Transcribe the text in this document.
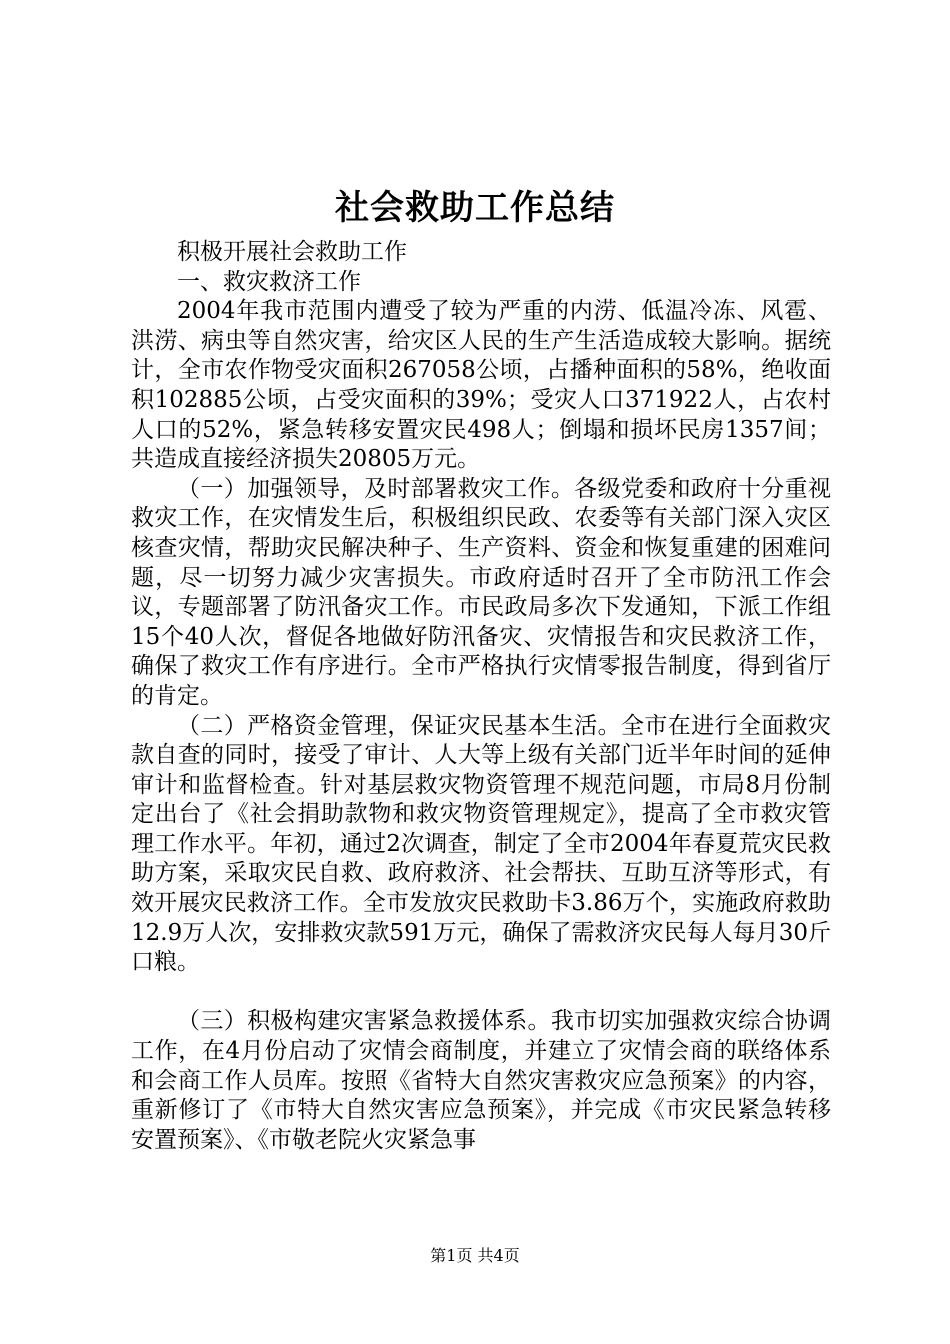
社会救助工作总结

积极开展社会救助工作

一、救灾救济工作

2004年我市范围内遭受了较为严重的内涝、低温冷冻、风雹、洪涝、病虫等自然灾害，给灾区人民的生产生活造成较大影响。据统计，全市农作物受灾面积267058公顷，占播种面积的58%，绝收面积102885公顷，占受灾面积的39%；受灾人口371922人，占农村人口的52%，紧急转移安置灾民498人；倒塌和损坏民房1357间；共造成直接经济损失20805万元。

（一）加强领导，及时部署救灾工作。各级党委和政府十分重视救灾工作，在灾情发生后，积极组织民政、农委等有关部门深入灾区核查灾情，帮助灾民解决种子、生产资料、资金和恢复重建的困难问题，尽一切努力减少灾害损失。市政府适时召开了全市防汛工作会议，专题部署了防汛备灾工作。市民政局多次下发通知，下派工作组15个40人次，督促各地做好防汛备灾、灾情报告和灾民救济工作，确保了救灾工作有序进行。全市严格执行灾情零报告制度，得到省厅的肯定。

（二）严格资金管理，保证灾民基本生活。全市在进行全面救灾款自查的同时，接受了审计、人大等上级有关部门近半年时间的延伸审计和监督检查。针对基层救灾物资管理不规范问题，市局8月份制定出台了《社会捐助款物和救灾物资管理规定》，提高了全市救灾管理工作水平。年初，通过2次调查，制定了全市2004年春夏荒灾民救助方案，采取灾民自救、政府救济、社会帮扶、互助互济等形式，有效开展灾民救济工作。全市发放灾民救助卡3.86万个，实施政府救助12.9万人次，安排救灾款591万元，确保了需救济灾民每人每月30斤口粮。

（三）积极构建灾害紧急救援体系。我市切实加强救灾综合协调工作，在4月份启动了灾情会商制度，并建立了灾情会商的联络体系和会商工作人员库。按照《省特大自然灾害救灾应急预案》的内容，重新修订了《市特大自然灾害应急预案》，并完成《市灾民紧急转移安置预案》、《市敬老院火灾紧急事

第1页 共4页
